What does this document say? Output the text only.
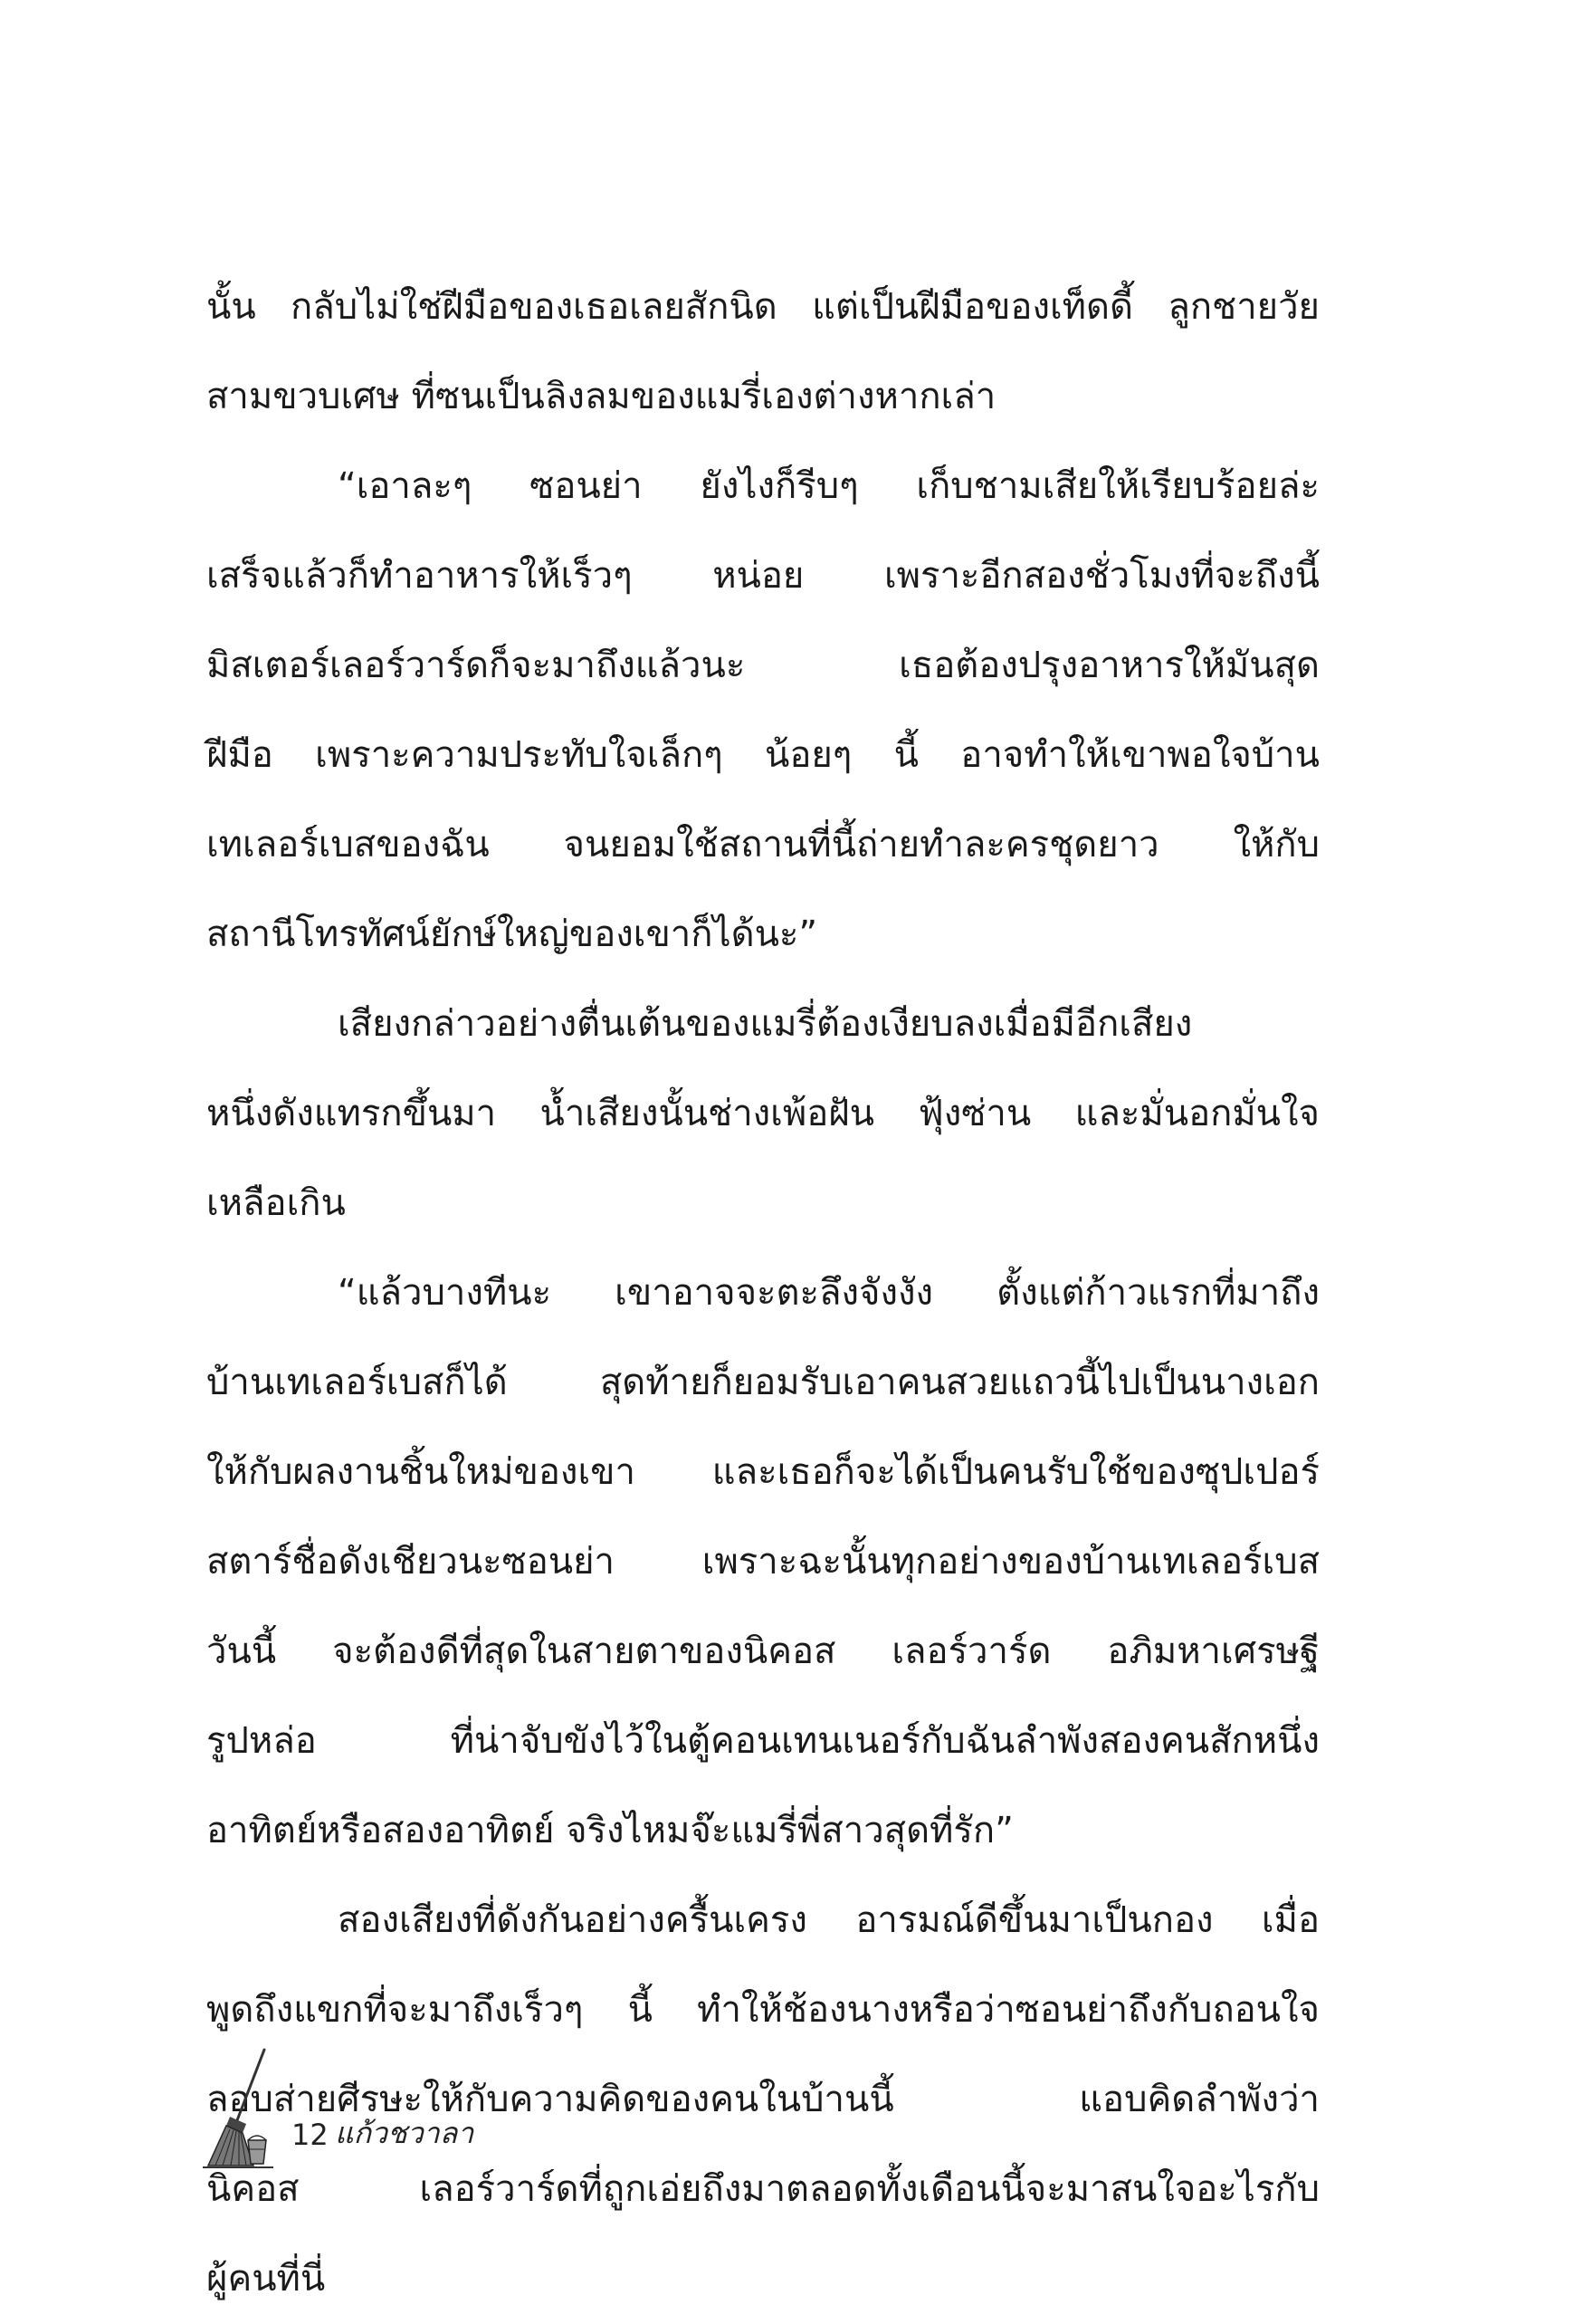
นั้น กลับไม่ใช่ฝีมือของเธอเลยสักนิด แต่เป็นฝีมือของเท็ดดี้ ลูกชายวัย
สามขวบเศษ ที่ซนเป็นลิงลมของแมรี่เองต่างหากเล่า
“เอาละๆ ซอนย่า ยังไงก็รีบๆ เก็บชามเสียให้เรียบร้อยล่ะ
เสร็จแล้วก็ทำอาหารให้เร็วๆ หน่อย เพราะอีกสองชั่วโมงที่จะถึงนี้
มิสเตอร์เลอร์วาร์ดก็จะมาถึงแล้วนะ เธอต้องปรุงอาหารให้มันสุด
ฝีมือ เพราะความประทับใจเล็กๆ น้อยๆ นี้ อาจทำให้เขาพอใจบ้าน
เทเลอร์เบสของฉัน จนยอมใช้สถานที่นี้ถ่ายทำละครชุดยาว ให้กับ
สถานีโทรทัศน์ยักษ์ใหญ่ของเขาก็ได้นะ”
เสียงกล่าวอย่างตื่นเต้นของแมรี่ต้องเงียบลงเมื่อมีอีกเสียง
หนึ่งดังแทรกขึ้นมา น้ำเสียงนั้นช่างเพ้อฝัน ฟุ้งซ่าน และมั่นอกมั่นใจ
เหลือเกิน
“แล้วบางทีนะ เขาอาจจะตะลึงจังงัง ตั้งแต่ก้าวแรกที่มาถึง
บ้านเทเลอร์เบสก็ได้ สุดท้ายก็ยอมรับเอาคนสวยแถวนี้ไปเป็นนางเอก
ให้กับผลงานชิ้นใหม่ของเขา และเธอก็จะได้เป็นคนรับใช้ของซุปเปอร์
สตาร์ชื่อดังเชียวนะซอนย่า เพราะฉะนั้นทุกอย่างของบ้านเทเลอร์เบส
วันนี้ จะต้องดีที่สุดในสายตาของนิคอส เลอร์วาร์ด อภิมหาเศรษฐี
รูปหล่อ ที่น่าจับขังไว้ในตู้คอนเทนเนอร์กับฉันลำพังสองคนสักหนึ่ง
อาทิตย์หรือสองอาทิตย์ จริงไหมจ๊ะแมรี่พี่สาวสุดที่รัก”
สองเสียงที่ดังกันอย่างครื้นเครง อารมณ์ดีขึ้นมาเป็นกอง เมื่อ
พูดถึงแขกที่จะมาถึงเร็วๆ นี้ ทำให้ช้องนางหรือว่าซอนย่าถึงกับถอนใจ
ลอบส่ายศีรษะให้กับความคิดของคนในบ้านนี้ แอบคิดลำพังว่า
นิคอส เลอร์วาร์ดที่ถูกเอ่ยถึงมาตลอดทั้งเดือนนี้จะมาสนใจอะไรกับ
ผู้คนที่นี่
12 แก้วชวาลา
